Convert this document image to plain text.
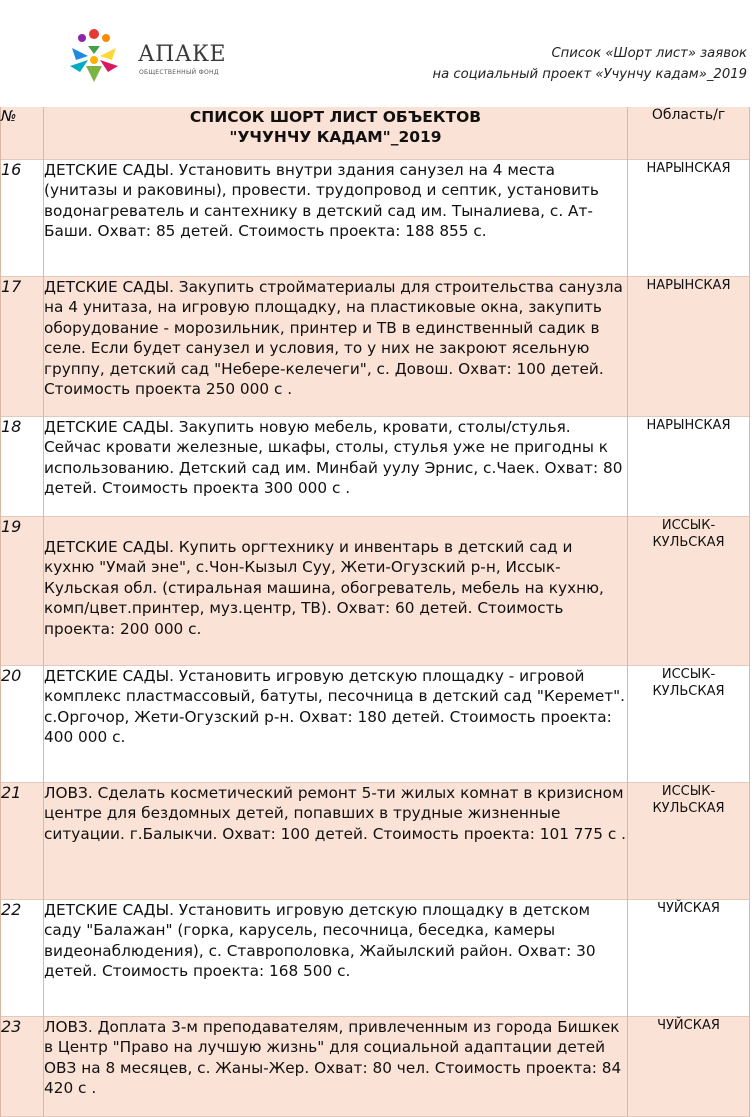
АПАКЕ
ОБЩЕСТВЕННЫЙ ФОНД
Список «Шорт лист» заявок
на социальный проект «Учунчу кадам»_2019
№	СПИСОК ШОРТ ЛИСТ ОБЪЕКТОВ
"УЧУНЧУ КАДАМ"_2019	Область/г
16	ДЕТСКИЕ САДЫ. Установить внутри здания санузел на 4 места (унитазы и раковины), провести. трудопровод и септик, установить водонагреватель и сантехнику в детский сад им. Тыналиева, с. Ат-Баши. Охват: 85 детей. Стоимость проекта: 188 855 с.	НАРЫНСКАЯ
17	ДЕТСКИЕ САДЫ. Закупить стройматериалы для строительства санузла на 4 унитаза, на игровую площадку, на пластиковые окна, закупить оборудование - морозильник, принтер и ТВ в единственный садик в селе. Если будет санузел и условия, то у них не закроют ясельную группу, детский сад "Небере-келечеги", с. Довош. Охват: 100 детей. Стоимость проекта 250 000 с .	НАРЫНСКАЯ
18	ДЕТСКИЕ САДЫ. Закупить новую мебель, кровати, столы/стулья. Сейчас кровати железные, шкафы, столы, стулья уже не пригодны к использованию. Детский сад им. Минбай уулу Эрнис, с.Чаек. Охват: 80 детей. Стоимость проекта 300 000 с .	НАРЫНСКАЯ
19	ДЕТСКИЕ САДЫ. Купить оргтехнику и инвентарь в детский сад и кухню "Умай эне", с.Чон-Кызыл Суу, Жети-Огузский р-н, Иссык-Кульская обл. (стиральная машина, обогреватель, мебель на кухню, комп/цвет.принтер, муз.центр, ТВ). Охват: 60 детей. Стоимость проекта: 200 000 с.	ИССЫК-КУЛЬСКАЯ
20	ДЕТСКИЕ САДЫ. Установить игровую детскую площадку - игровой комплекс пластмассовый, батуты, песочница в детский сад "Керемет". с.Оргочор, Жети-Огузский р-н. Охват: 180 детей. Стоимость проекта: 400 000 с.	ИССЫК-КУЛЬСКАЯ
21	ЛОВЗ. Сделать косметический ремонт 5-ти жилых комнат в кризисном центре для бездомных детей, попавших в трудные жизненные ситуации. г.Балыкчи. Охват: 100 детей. Стоимость проекта: 101 775 с .	ИССЫК-КУЛЬСКАЯ
22	ДЕТСКИЕ САДЫ. Установить игровую детскую площадку в детском саду "Балажан" (горка, карусель, песочница, беседка, камеры видеонаблюдения), с. Ставрополовка, Жайылский район. Охват: 30 детей. Стоимость проекта: 168 500 с.	ЧУЙСКАЯ
23	ЛОВЗ. Доплата 3-м преподавателям, привлеченным из города Бишкек в Центр "Право на лучшую жизнь" для социальной адаптации детей ОВЗ на 8 месяцев, с. Жаны-Жер. Охват: 80 чел. Стоимость проекта: 84 420 с .	ЧУЙСКАЯ
